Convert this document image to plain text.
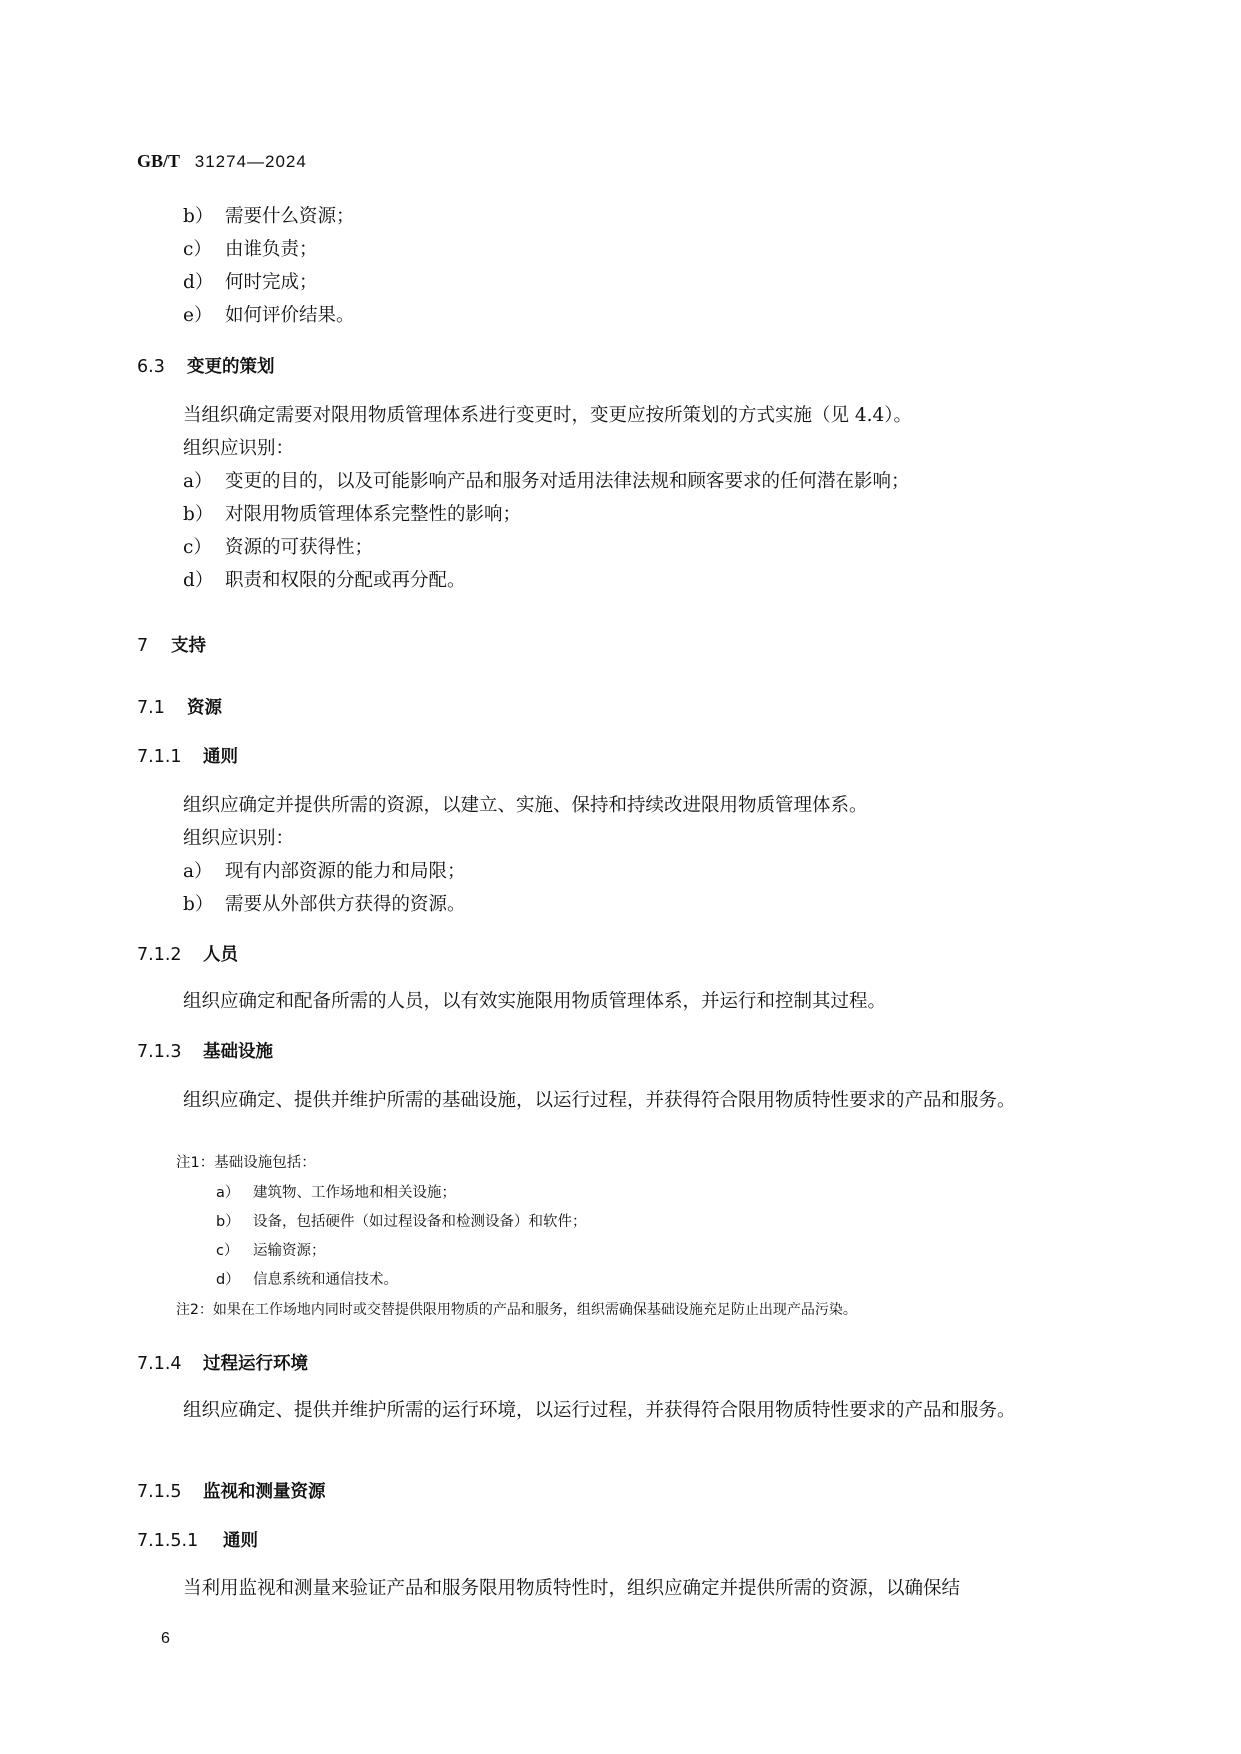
GB/T 31274—2024
b） 需要什么资源；
c） 由谁负责；
d） 何时完成；
e） 如何评价结果。
6.3 变更的策划
当组织确定需要对限用物质管理体系进行变更时，变更应按所策划的方式实施（见 4.4）。
组织应识别：
a） 变更的目的，以及可能影响产品和服务对适用法律法规和顾客要求的任何潜在影响；
b） 对限用物质管理体系完整性的影响；
c） 资源的可获得性；
d） 职责和权限的分配或再分配。
7 支持
7.1 资源
7.1.1 通则
组织应确定并提供所需的资源，以建立、实施、保持和持续改进限用物质管理体系。
组织应识别：
a） 现有内部资源的能力和局限；
b） 需要从外部供方获得的资源。
7.1.2 人员
组织应确定和配备所需的人员，以有效实施限用物质管理体系，并运行和控制其过程。
7.1.3 基础设施
组织应确定、提供并维护所需的基础设施，以运行过程，并获得符合限用物质特性要求的产品和服务。
注1：基础设施包括：
a） 建筑物、工作场地和相关设施；
b） 设备，包括硬件（如过程设备和检测设备）和软件；
c） 运输资源；
d） 信息系统和通信技术。
注2：如果在工作场地内同时或交替提供限用物质的产品和服务，组织需确保基础设施充足防止出现产品污染。
7.1.4 过程运行环境
组织应确定、提供并维护所需的运行环境，以运行过程，并获得符合限用物质特性要求的产品和服务。
7.1.5 监视和测量资源
7.1.5.1 通则
当利用监视和测量来验证产品和服务限用物质特性时，组织应确定并提供所需的资源，以确保结
6
